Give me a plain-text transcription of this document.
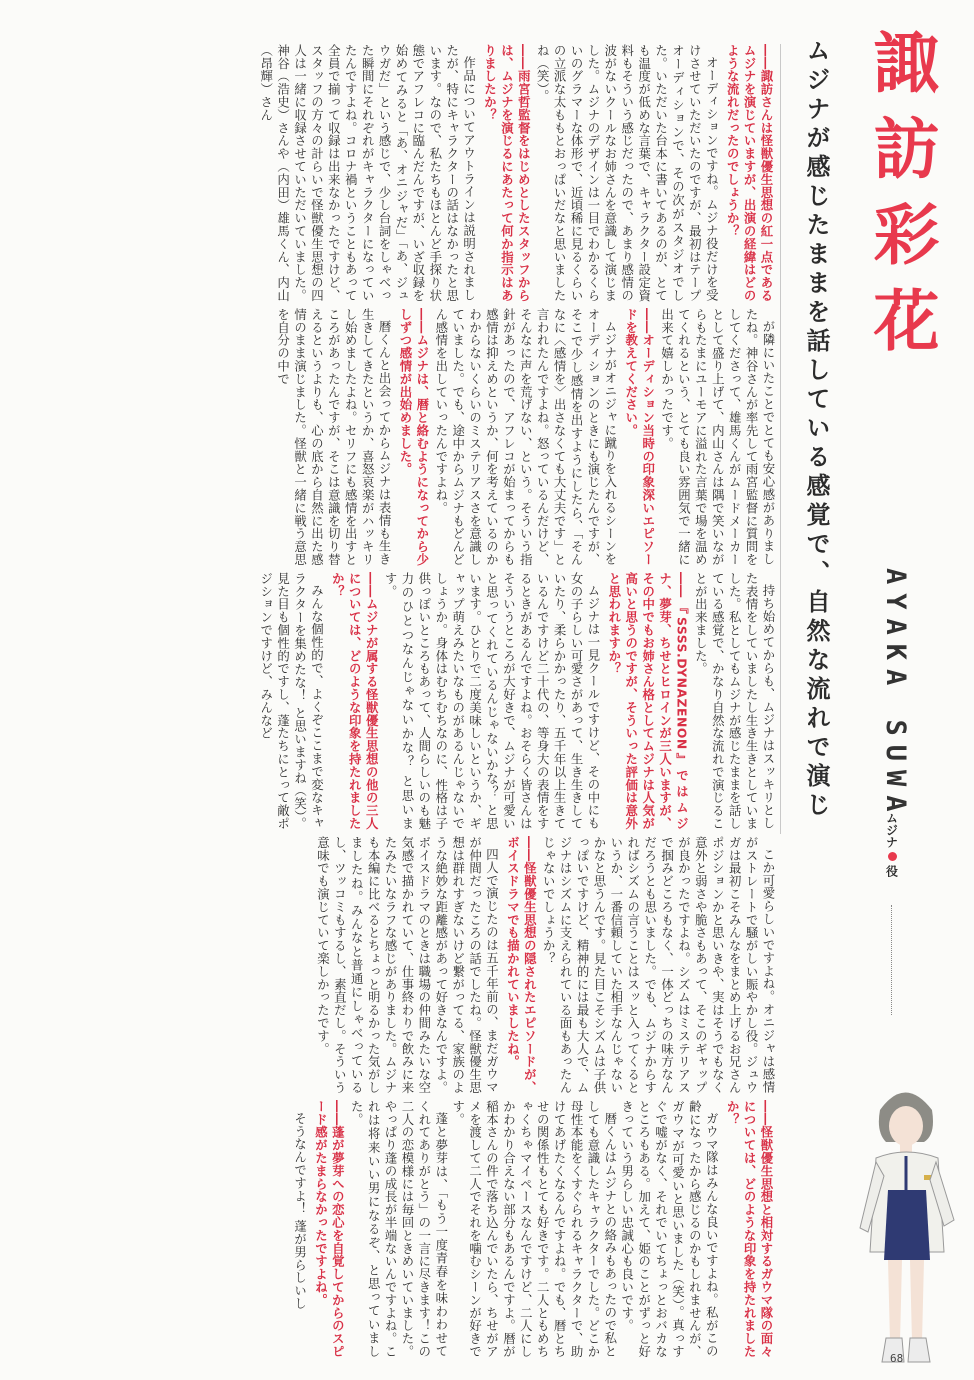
諏訪彩花
ムジナが感じたままを話している感覚で、自然な流れで演じ	AYAKA SUWA
ムジナ
役

――諏訪さんは怪獣優生思想の紅一点であるムジナを演じていますが、出演の経緯はどのような流れだったのでしょうか？

オーディションですね。ムジナ役だけを受けさせていただいたのですが、最初はテープオーディションで、その次がスタジオでした。いただいた台本に書いてあるのが、とても温度が低めな言葉で、キャラクター設定資料もそういう感じだったので、あまり感情の波がないクールなお姉さんを意識して演じました。ムジナのデザインは一目でわかるくらいのグラマーな体形で、近頃稀に見るくらいの立派な太ももとおっぱいだなと思いましたね（笑）。

――雨宮哲監督をはじめとしたスタッフからは、ムジナを演じるにあたって何か指示はありましたか？

作品についてアウトラインは説明されましたが、特にキャラクターの話はなかったと思います。なので、私たちもほとんど手探り状態でアフレコに臨んだんですが、いざ収録を始めてみると「あ、オニジャだ」「あ、ジュウガだ」という感じで、少し台詞をしゃべった瞬間にそれぞれがキャラクターになっていたんですよね。コロナ禍ということもあって全員で揃って収録は出来なかったですけど、スタッフの方々の計らいで怪獣優生思想の四人は一緒に収録させていただいていました。神谷（浩史）さんや（内田）雄馬くん、内山（昂輝）さん

が隣にいたことでとても安心感がありましたね。神谷さんが率先して雨宮監督に質問をしてくださって、雄馬くんがムードメーカーとして盛り上げて、内山さんは隅で笑いながらもたまにユーモアに溢れた言葉で場を温めてくれるという、とても良い雰囲気で一緒に出来て嬉しかったです。

――オーディション当時の印象深いエピソードを教えてください。

ムジナがオニジャに蹴りを入れるシーンをオーディションのときにも演じたんですが、そこで少し感情を出すようにしたら、「そんなに〈感情を〉出さなくても大丈夫です」と言われたんですよね。怒っているんだけど、そんなに声を荒げない、という。そういう指針があったので、アフレコが始まってからも感情は抑えめというか、何を考えているのかわからないくらいのミステリアスさを意識していました。でも、途中からムジナもどんどん感情を出していったんですよね。

――ムジナは、暦と絡むようになってから少しずつ感情が出始めました。

暦くんと出会ってからムジナは表情も生き生きしてきたというか、喜怒哀楽がハッキリし始めましたよね。セリフにも感情を出すところがあったんですが、そこは意識を切り替えるというよりも、心の底から自然に出た感情のまま演じました。怪獣と一緒に戦う意思を自分の中で

持ち始めてからも、ムジナはスッキリとした表情をしていましたし生き生きとしていました。私としてもムジナが感じたままを話している感覚で、かなり自然な流れで演じることが出来ました。

――『SSSS.DYNAZENON』ではムジナ、夢芽、ちせとヒロインが三人いますが、その中でもお姉さん格としてムジナは人気が高いと思うのですが、そういった評価は意外と思われますか？

ムジナは一見クールですけど、その中にも女の子らしい可愛さがあって、生き生きしていたり、柔らかかったり、五千年以上生きているんですけど二十代の、等身大の表情をするときがあるんですよね。おそらく皆さんはそういうところが大好きで、ムジナが可愛いと思ってくれているんじゃないかな？ と思います。ひとりで二度美味しいというか、ギャップ萌えみたいなものがあるんじゃないでしょうか。身体はむちむちなのに、性格は子供っぽいところもあって、人間らしいのも魅力のひとつなんじゃないかな？ と思います。

――ムジナが属する怪獣優生思想の他の三人については、どのような印象を持たれましたか？

みんな個性的で、よくぞここまで変なキャラクターを集めたな！ と思いますね（笑）。見た目も個性的ですし、蓬たちにとって敵ポジションですけど、みんなど

こか可愛らしいですよね。オニジャは感情がストレートで騒がしい賑やかし役。ジュウガは最初こそみんなをまとめ上げるお兄さんポジションかと思いきや、実はそうでもなく意外と弱さや脆さもあって、そこのギャップが良かったですよね。シズムはミステリアスで掴みどころもなく、一体どっちの味方なんだろうとも思いました。でも、ムジナからすればシズムの言うことはスッと入ってくるというか、一番信頼していた相手なんじゃないかなと思うんです。見た目こそシズムは子供っぽいですけど、精神的には最も大人で、ムジナはシズムに支えられている面もあったんじゃないでしょうか？

――怪獣優生思想の隠されたエピソードが、ボイスドラマでも描かれていましたね。

四人で演じたのは五千年前の、まだガウマが仲間だったころの話でしたね。怪獣優生思想は群れすぎないけど繋がってる、家族のような絶妙な距離感があって好きなんですよ。ボイスドラマのときは職場の仲間みたいな空気感で描かれていて、仕事終わりで飲みに来たみたいなラフな感じがありました。ムジナも本編に比べるとちょっと明るかった気がしましたね。みんなと普通にしゃべっているし、ツッコミもするし、素直だし。そういう意味でも演じていて楽しかったです。

――怪獣優生思想と相対するガウマ隊の面々については、どのような印象を持たれましたか？

ガウマ隊はみんな良いですよね。私がこの齢になったから感じるのかもしれませんが、ガウマが可愛いと思いました（笑）。真っすぐで嘘がなく、それでいてちょっとおバカなところもある。加えて、姫のことがずっと好きっていう男らしい忠誠心も良いです。

暦くんはムジナとの絡みもあったので私としても意識したキャラクターでした。どこか母性本能をくすぐられるキャラクターで、助けてあげたくなるんですよね。でも、暦とちせの関係性もとても好きです。二人ともめちゃくちゃマイペースなんですけど、二人にしかわかり合えない部分もあるんですよ。暦が稲本さんの件で落ち込んでいたら、ちせがアメを渡して二人でそれを噛むシーンが好きです。

蓬と夢芽は、「もう一度青春を味わわせてくれてありがとう」の一言に尽きます！この二人の恋模様には毎回ときめいていました。やっぱり蓬の成長が半端ないんですよね。これは将来いい男になるぞ、と思っていました。

――蓬が夢芽への恋心を自覚してからのスピード感がたまらなかったですよね。

そうなんですよ！ 蓬が男らしいし

68
